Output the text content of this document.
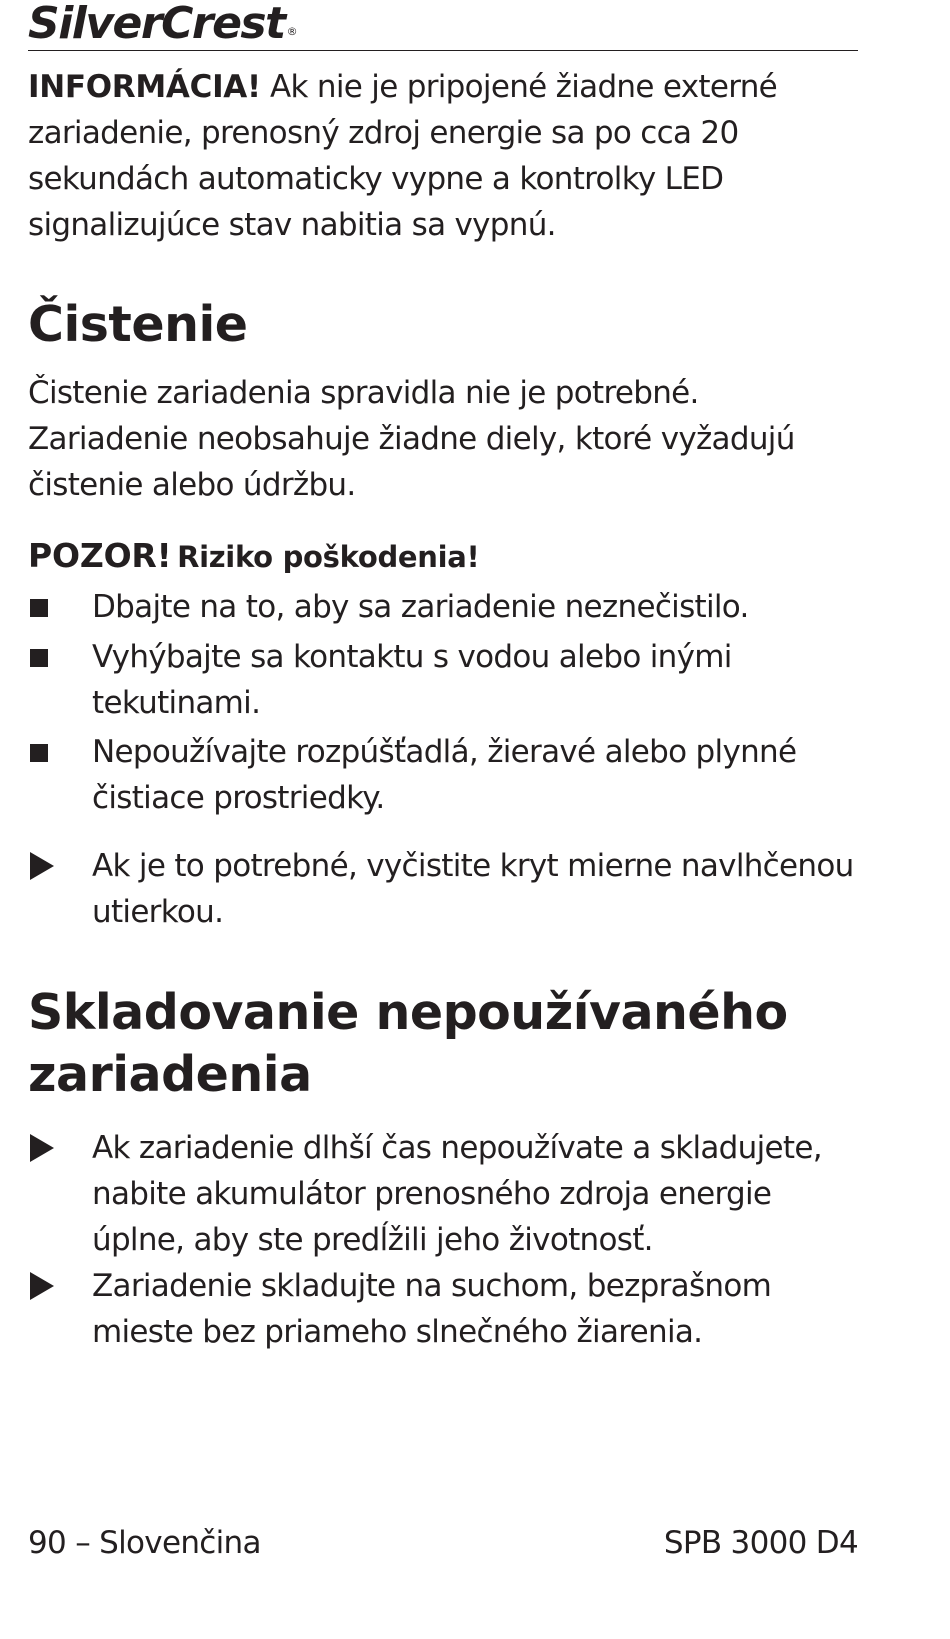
SilverCrest ®

INFORMÁCIA! Ak nie je pripojené žiadne externé zariadenie, prenosný zdroj energie sa po cca 20 sekundách automaticky vypne a kontrolky LED signalizujúce stav nabitia sa vypnú.

Čistenie

Čistenie zariadenia spravidla nie je potrebné. Zariadenie neobsahuje žiadne diely, ktoré vyžadujú čistenie alebo údržbu.

POZOR! Riziko poškodenia!
Dbajte na to, aby sa zariadenie neznečistilo.
Vyhýbajte sa kontaktu s vodou alebo inými tekutinami.
Nepoužívajte rozpúšťadlá, žieravé alebo plynné čistiace prostriedky.
Ak je to potrebné, vyčistite kryt mierne navlhčenou utierkou.
Skladovanie nepoužívaného zariadenia
Ak zariadenie dlhší čas nepoužívate a skladujete, nabite akumulátor prenosného zdroja energie úplne, aby ste predĺžili jeho životnosť.
Zariadenie skladujte na suchom, bezprašnom mieste bez priameho slnečného žiarenia.
90 – Slovenčina	SPB 3000 D4
